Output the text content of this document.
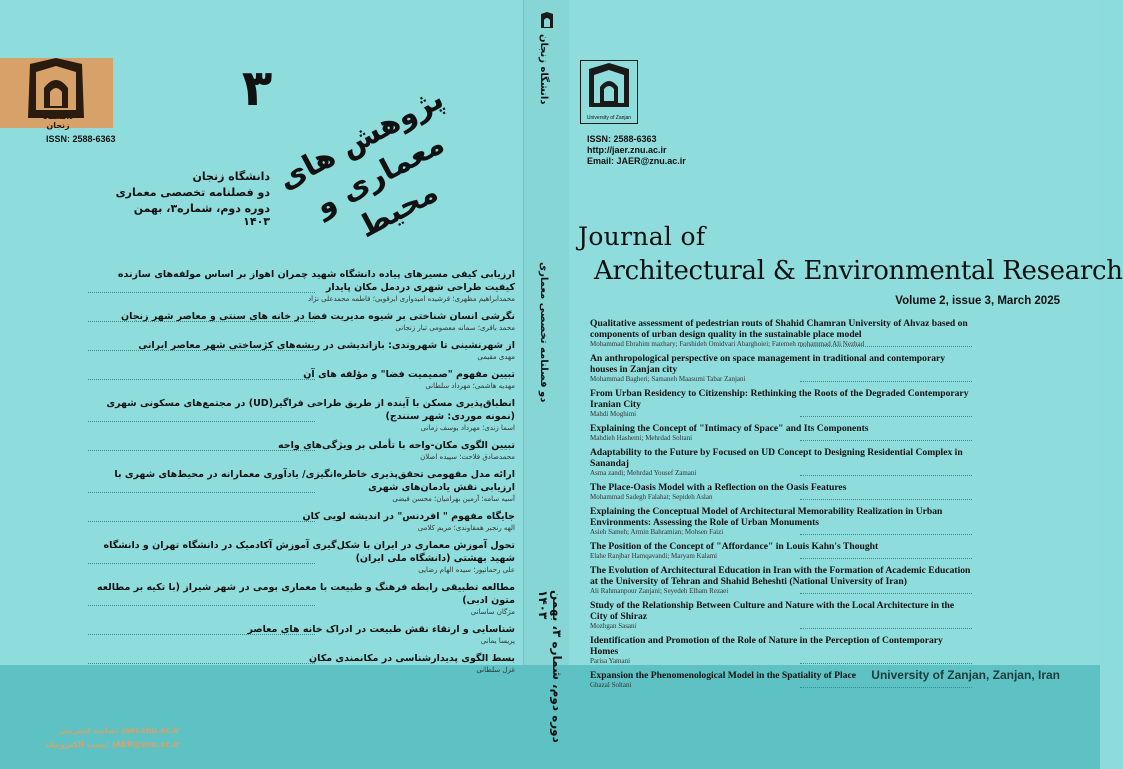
دانشگاه زنجان
ISSN: 2588-6363
۳ پژوهش های معماری و محیط
دانشگاه زنجان
دو فصلنامه تخصصی معماری
دوره دوم، شماره۳، بهمن ۱۴۰۳
ارزیابی کیفی مسیرهای پیاده دانشگاه شهید چمران اهواز بر اساس مولفه‌های سازنده کیفیت طراحی شهری دردمل مکان پایدار
محمدابراهیم مظهری؛ فرشیده امیدواری ابرقویی؛ فاطمه محمدعلی نژاد
نگرشی انسان شناختی بر شیوه مدیریت فضا در خانه های سنتی و معاصر شهر زنجان
محمد باقری؛ سمانه معصومی تبار زنجانی
از شهرنشینی تا شهروندی: بازاندیشی در ریشه‌های کژساختی شهر معاصر ایرانی
مهدی مقیمی
تبیین مفهوم "صمیمیت فضا" و مؤلفه های آن
مهدیه هاشمی؛ مهرداد سلطانی
انطباق‌پذیری مسکن با آینده از طریق طراحی فراگیر(UD) در مجتمع‌های مسکونی شهری (نمونه موردی: شهر سنندج)
اسما زندی؛ مهرداد یوسف زمانی
تبیین الگوی مکان-واحه با تأملی بر ویژگی‌های واحه
محمدصادق فلاحت؛ سپیده اصلان
ارائه مدل مفهومی تحقق‌پذیری خاطره‌انگیزی/ یادآوری معمارانه در محیط‌های شهری با ارزیابی نقش یادمان‌های شهری
آسیه سامه؛ آرمین بهرامیان؛ محسن فیضی
جایگاه مفهوم " افردنس" در اندیشه لویی کان
الهه رنجبر همقاوندی؛ مریم کلامی
تحول آموزش معماری در ایران با شکل‌گیری آموزش آکادمیک در دانشگاه تهران و دانشگاه شهید بهشتی (دانشگاه ملی ایران)
علی رحمانپور؛ سیده الهام رضایی
مطالعه تطبیقی رابطه فرهنگ و طبیعت با معماری بومی در شهر شیراز (با تکیه بر مطالعه متون ادبی)
مژگان ساسانی
شناسایی و ارتقاء نقش طبیعت در ادراک خانه های معاصر
پریسا یمانی
بسط الگوی پدیدارشناسی در مکانمندی مکان
غزل سلطانی
jaer.znu.ac.ir :سایت اینترنتی
JAER@znu.ac.ir :پست الکترونیک
دانشگاه زنجان
دو فصلنامه تخصصی معماری
دوره دوم، شماره ۳، بهمن ۱۴۰۳
University of Zanjan
ISSN: 2588-6363
http://jaer.znu.ac.ir
Email: JAER@znu.ac.ir
Journal of
Architectural & Environmental Research
Volume 2, issue 3, March 2025
Qualitative assessment of pedestrian routs of Shahid Chamran University of Ahvaz based on components of urban design quality in the sustainable place model
Mohammad Ebrahim mazhary; Farshideh Omidvari Abarghoiei; Fatemeh mohammad Ali Nezhad
An anthropological perspective on space management in traditional and contemporary houses in Zanjan city
Mohammad Bagheri; Samaneh Maasumi Tabar Zanjani
From Urban Residency to Citizenship: Rethinking the Roots of the Degraded Contemporary Iranian City
Mahdi Moghimi
Explaining the Concept of "Intimacy of Space" and Its Components
Mahdieh Hashemi; Mehrdad Soltani
Adaptability to the Future by Focused on UD Concept to Designing Residential Complex in Sanandaj
Asma zandi; Mehrdad Yousef Zamani
The Place-Oasis Model with a Reflection on the Oasis Features
Mohammad Sadegh Falahat; Sepideh Aslan
Explaining the Conceptual Model of Architectural Memorability Realization in Urban Environments: Assessing the Role of Urban Monuments
Asieh Sameh; Armin Bahramian; Mohsen Faizi
The Position of the Concept of "Affordance" in Louis Kahn's Thought
Elahe Ranjbar Hamqavandi; Maryam Kalami
The Evolution of Architectural Education in Iran with the Formation of Academic Education at the University of Tehran and Shahid Beheshti (National University of Iran)
Ali Rahmanpour Zanjani; Seyedeh Elham Rezaei
Study of the Relationship Between Culture and Nature with the Local Architecture in the City of Shiraz
Mozhgan Sasani
Identification and Promotion of the Role of Nature in the Perception of Contemporary Homes
Parisa Yamani
Expansion the Phenomenological Model in the Spatiality of Place
Ghazal Soltani
University of Zanjan, Zanjan, Iran
